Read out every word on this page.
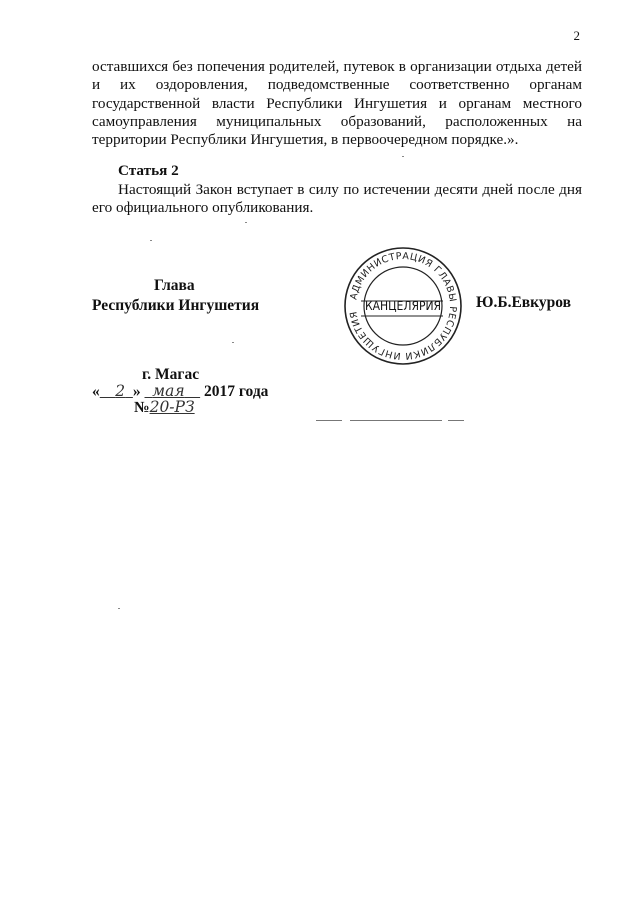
2
оставшихся без попечения родителей, путевок в организации отдыха детей
и их оздоровления, подведомственные соответственно органам
государственной власти Республики Ингушетия и органам местного
самоуправления муниципальных образований, расположенных на
территории Республики Ингушетия, в первоочередном порядке.».
Статья 2
Настоящий Закон вступает в силу по истечении десяти дней после дня
его официального опубликования.
Глава
Республики Ингушетия
АДМИНИСТРАЦИЯ ГЛАВЫ РЕСПУБЛИКИ ИНГУШЕТИЯ
КАНЦЕЛЯРИЯ Ю.Б.Евкуров
г. Магас
«  2  »   мая  2017 года
№20-РЗ
